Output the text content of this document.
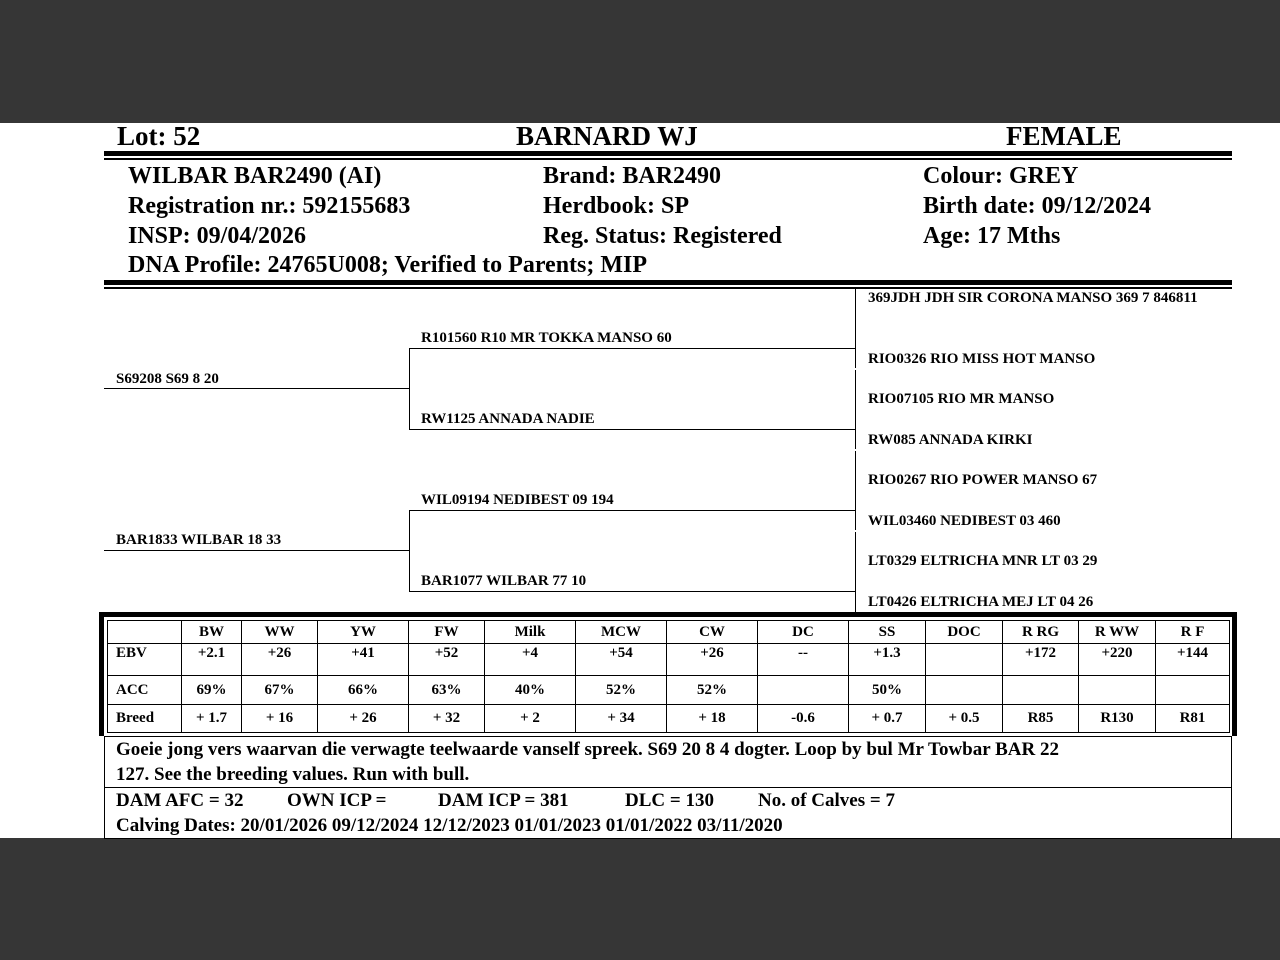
Lot: 52	BARNARD WJ	FEMALE
WILBAR BAR2490 (AI)
Registration nr.: 592155683
INSP: 09/04/2026
DNA Profile: 24765U008; Verified to Parents; MIP
Brand: BAR2490
Herdbook: SP
Reg. Status: Registered
Colour: GREY
Birth date: 09/12/2024
Age: 17 Mths
S69208 S69 8 20
BAR1833 WILBAR 18 33
R101560 R10 MR TOKKA MANSO 60
RW1125 ANNADA NADIE
WIL09194 NEDIBEST 09 194
BAR1077 WILBAR 77 10
369JDH JDH SIR CORONA MANSO 369 7 846811
RIO0326 RIO MISS HOT MANSO
RIO07105 RIO MR MANSO
RW085 ANNADA KIRKI
RIO0267 RIO POWER MANSO 67
WIL03460 NEDIBEST 03 460
LT0329 ELTRICHA MNR LT 03 29
LT0426 ELTRICHA MEJ LT 04 26
	BW	WW	YW	FW	Milk	MCW	CW	DC	SS	DOC	R RG	R WW	R F
EBV	+2.1	+26	+41	+52	+4	+54	+26	--	+1.3		+172	+220	+144
ACC	69%	67%	66%	63%	40%	52%	52%		50%				
Breed	+ 1.7	+ 16	+ 26	+ 32	+ 2	+ 34	+ 18	-0.6	+ 0.7	+ 0.5	R85	R130	R81
Goeie jong vers waarvan die verwagte teelwaarde vanself spreek. S69 20 8 4 dogter. Loop by bul Mr Towbar BAR 22
127. See the breeding values. Run with bull.
DAM AFC = 32 OWN ICP =	DAM ICP = 381	DLC = 130 No. of Calves = 7
Calving Dates: 20/01/2026 09/12/2024 12/12/2023 01/01/2023 01/01/2022 03/11/2020
